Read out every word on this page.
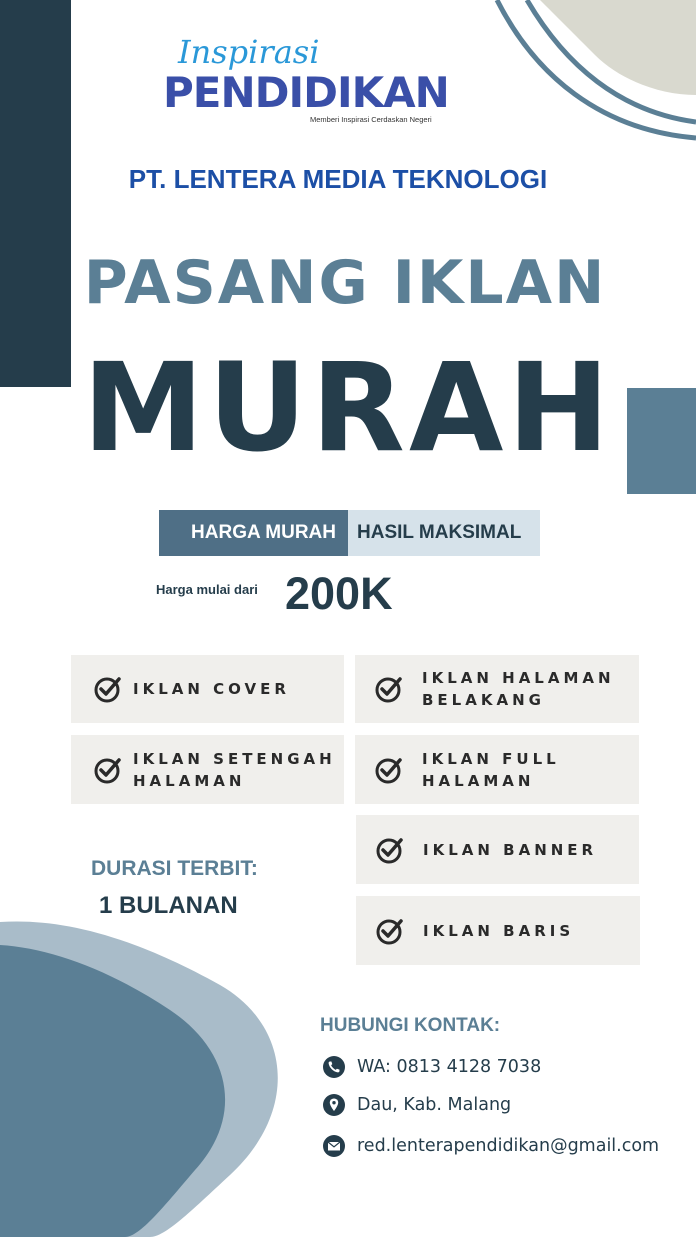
Inspirasi
PENDIDIKAN
Memberi Inspirasi Cerdaskan Negeri
PT. LENTERA MEDIA TEKNOLOGI
PASANG IKLAN
MURAH
HARGA MURAH	HASIL MAKSIMAL
Harga mulai dari 200K
IKLAN COVER
IKLAN HALAMAN
BELAKANG
IKLAN SETENGAH
HALAMAN
IKLAN FULL
HALAMAN
IKLAN BANNER
IKLAN BARIS
DURASI TERBIT:
1 BULANAN
HUBUNGI KONTAK:
WA: 0813 4128 7038
Dau, Kab. Malang
red.lenterapendidikan@gmail.com
